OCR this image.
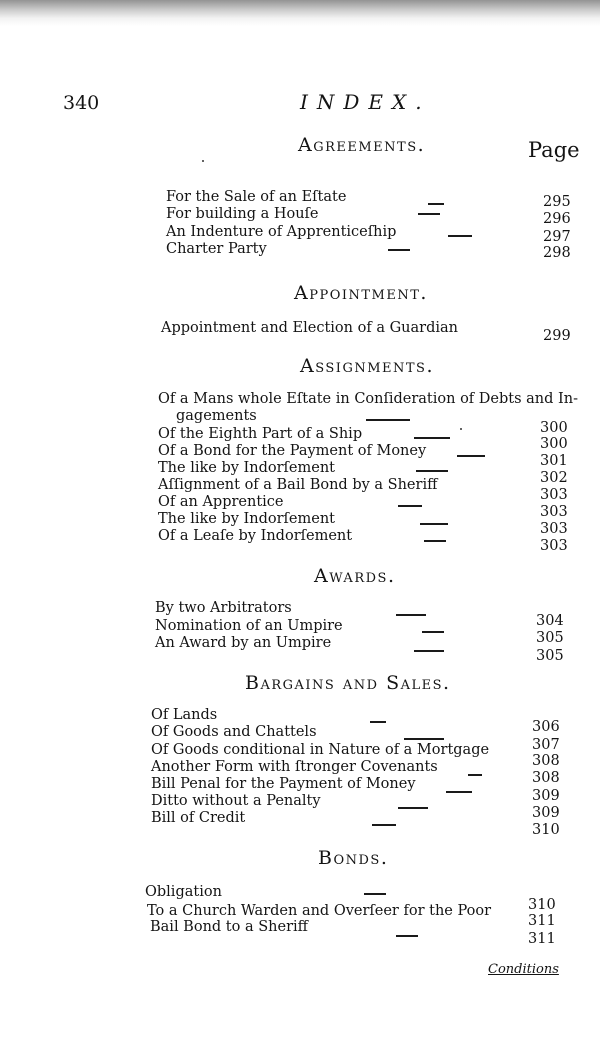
340	INDEX.
Page
Agreements.
For the Sale of an Eſtate
For building a Houſe
An Indenture of Apprenticeſhip
Charter Party
295
296
297
298
Appointment.
Appointment and Election of a Guardian	299
Assignments.
Of a Mans whole Eſtate in Conſideration of Debts and In-
gagements
Of the Eighth Part of a Ship
Of a Bond for the Payment of Money
The like by Indorſement
Aſſignment of a Bail Bond by a Sheriff
Of an Apprentice
The like by Indorſement
Of a Leaſe by Indorſement
300
300
301
302
303
303
303
303
Awards.
By two Arbitrators
Nomination of an Umpire
An Award by an Umpire
304
305
305
Bargains and Sales.
Of Lands
Of Goods and Chattels
Of Goods conditional in Nature of a Mortgage
Another Form with ſtronger Covenants
Bill Penal for the Payment of Money
Ditto without a Penalty
Bill of Credit
306
307
308
308
309
309
310
Bonds.
Obligation
To a Church Warden and Overſeer for the Poor
Bail Bond to a Sheriff
310
311
311
Conditions
